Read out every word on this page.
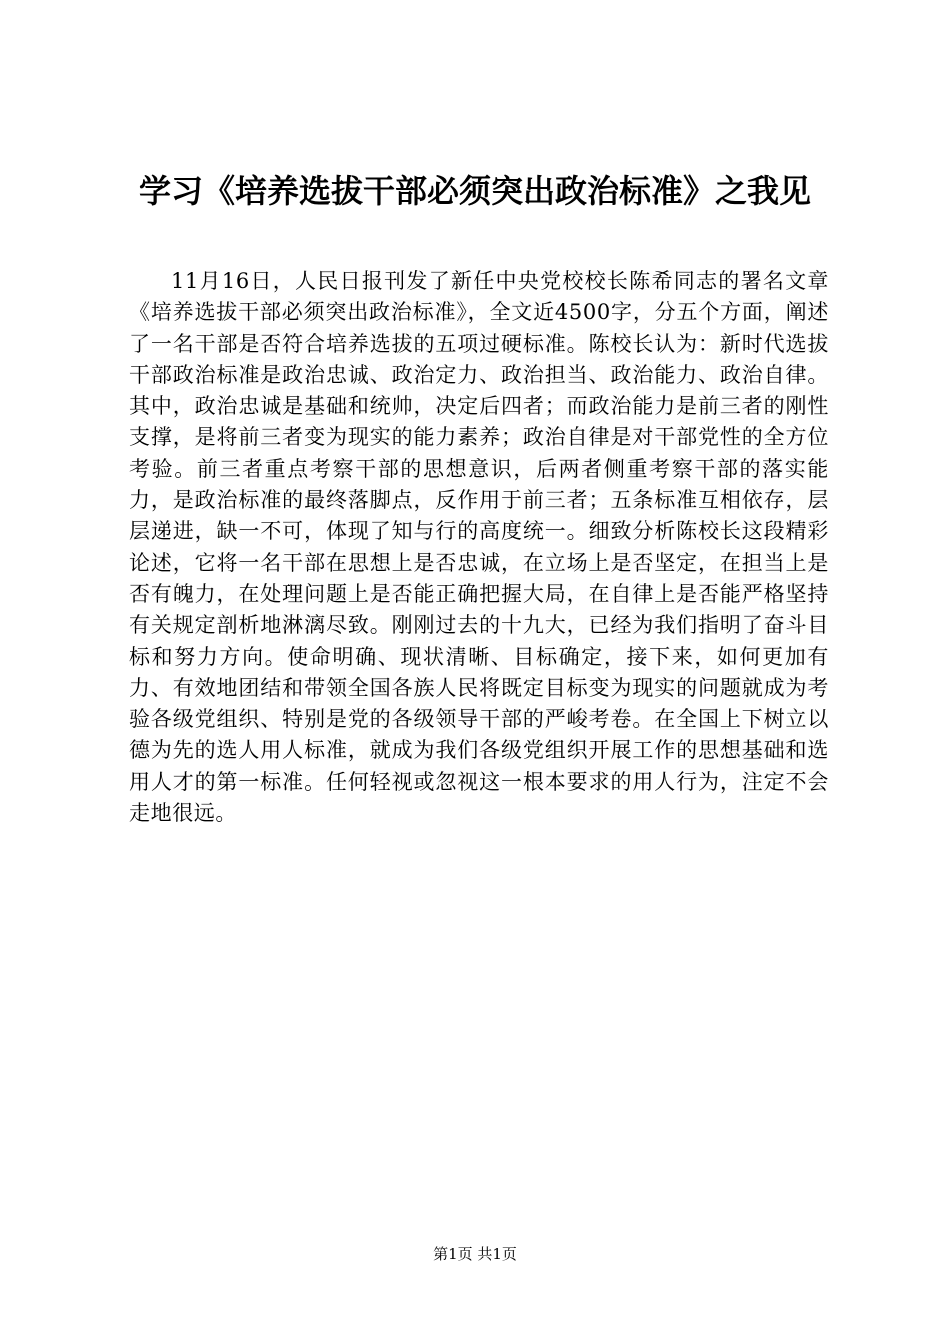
学习《培养选拔干部必须突出政治标准》之我见

11月16日，人民日报刊发了新任中央党校校长陈希同志的署名文章《培养选拔干部必须突出政治标准》，全文近4500字，分五个方面，阐述了一名干部是否符合培养选拔的五项过硬标准。陈校长认为：新时代选拔干部政治标准是政治忠诚、政治定力、政治担当、政治能力、政治自律。其中，政治忠诚是基础和统帅，决定后四者；而政治能力是前三者的刚性支撑，是将前三者变为现实的能力素养；政治自律是对干部党性的全方位考验。前三者重点考察干部的思想意识，后两者侧重考察干部的落实能力，是政治标准的最终落脚点，反作用于前三者；五条标准互相依存，层层递进，缺一不可，体现了知与行的高度统一。细致分析陈校长这段精彩论述，它将一名干部在思想上是否忠诚，在立场上是否坚定，在担当上是否有魄力，在处理问题上是否能正确把握大局，在自律上是否能严格坚持有关规定剖析地淋漓尽致。刚刚过去的十九大，已经为我们指明了奋斗目标和努力方向。使命明确、现状清晰、目标确定，接下来，如何更加有力、有效地团结和带领全国各族人民将既定目标变为现实的问题就成为考验各级党组织、特别是党的各级领导干部的严峻考卷。在全国上下树立以德为先的选人用人标准，就成为我们各级党组织开展工作的思想基础和选用人才的第一标准。任何轻视或忽视这一根本要求的用人行为，注定不会走地很远。

第1页 共1页
